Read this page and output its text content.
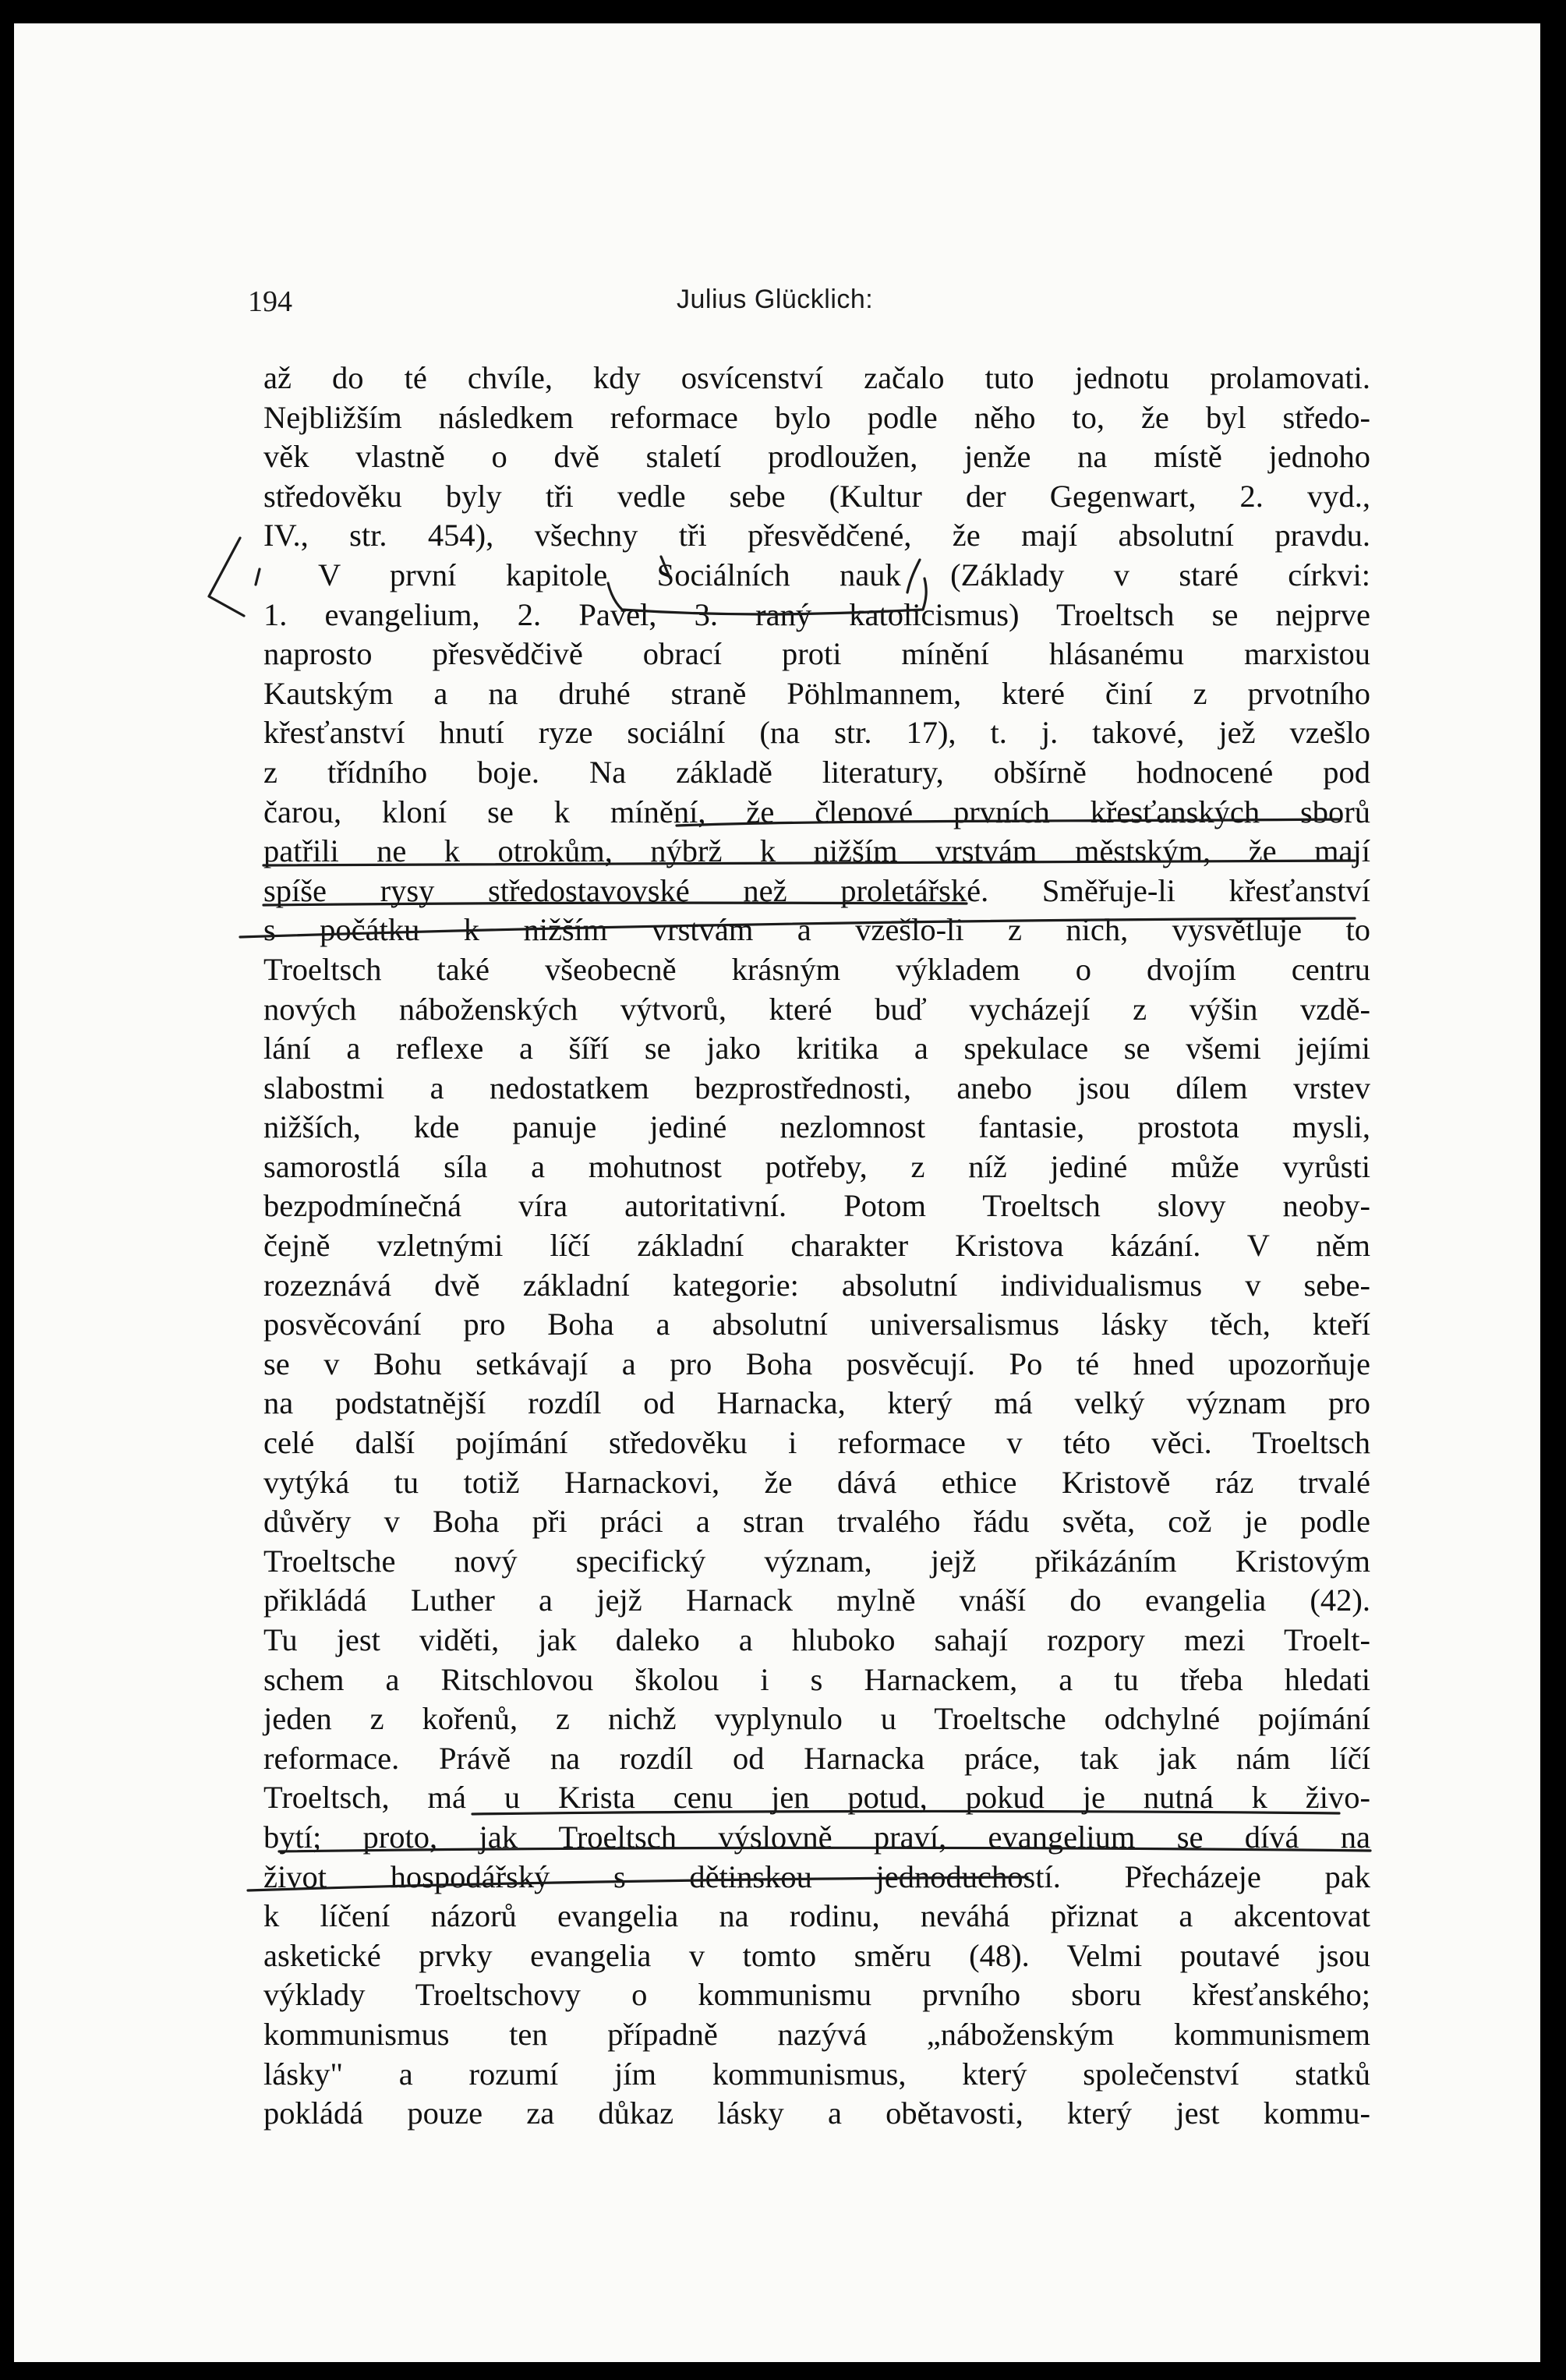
194	Julius Glücklich:
až do té chvíle, kdy osvícenství začalo tuto jednotu prolamovati.
Nejbližším následkem reformace bylo podle něho to, že byl středo-
věk vlastně o dvě staletí prodloužen, jenže na místě jednoho
středověku byly tři vedle sebe (Kultur der Gegenwart, 2. vyd.,
IV., str. 454), všechny tři přesvědčené, že mají absolutní pravdu.
V první kapitole Sociálních nauk (Základy v staré církvi:
1. evangelium, 2. Pavel, 3. raný katolicismus) Troeltsch se nejprve
naprosto přesvědčivě obrací proti mínění hlásanému marxistou
Kautským a na druhé straně Pöhlmannem, které činí z prvotního
křesťanství hnutí ryze sociální (na str. 17), t. j. takové, jež vzešlo
z třídního boje. Na základě literatury, obšírně hodnocené pod
čarou, kloní se k mínění, že členové prvních křesťanských sborů
patřili ne k otrokům, nýbrž k nižším vrstvám městským, že mají
spíše rysy středostavovské než proletářské. Směřuje-li křesťanství
s počátku k nižším vrstvám a vzešlo-li z nich, vysvětluje to
Troeltsch také všeobecně krásným výkladem o dvojím centru
nových náboženských výtvorů, které buď vycházejí z výšin vzdě-
lání a reflexe a šíří se jako kritika a spekulace se všemi jejími
slabostmi a nedostatkem bezprostřednosti, anebo jsou dílem vrstev
nižších, kde panuje jediné nezlomnost fantasie, prostota mysli,
samorostlá síla a mohutnost potřeby, z níž jediné může vyrůsti
bezpodmínečná víra autoritativní. Potom Troeltsch slovy neoby-
čejně vzletnými líčí základní charakter Kristova kázání. V něm
rozeznává dvě základní kategorie: absolutní individualismus v sebe-
posvěcování pro Boha a absolutní universalismus lásky těch, kteří
se v Bohu setkávají a pro Boha posvěcují. Po té hned upozorňuje
na podstatnější rozdíl od Harnacka, který má velký význam pro
celé další pojímání středověku i reformace v této věci. Troeltsch
vytýká tu totiž Harnackovi, že dává ethice Kristově ráz trvalé
důvěry v Boha při práci a stran trvalého řádu světa, což je podle
Troeltsche nový specifický význam, jejž přikázáním Kristovým
přikládá Luther a jejž Harnack mylně vnáší do evangelia (42).
Tu jest viděti, jak daleko a hluboko sahají rozpory mezi Troelt-
schem a Ritschlovou školou i s Harnackem, a tu třeba hledati
jeden z kořenů, z nichž vyplynulo u Troeltsche odchylné pojímání
reformace. Právě na rozdíl od Harnacka práce, tak jak nám líčí
Troeltsch, má u Krista cenu jen potud, pokud je nutná k živo-
bytí; proto, jak Troeltsch výslovně praví, evangelium se dívá na
život hospodářský s dětinskou jednoduchostí. Přecházeje pak
k líčení názorů evangelia na rodinu, neváhá přiznat a akcentovat
asketické prvky evangelia v tomto směru (48). Velmi poutavé jsou
výklady Troeltschovy o kommunismu prvního sboru křesťanského;
kommunismus ten případně nazývá „náboženským kommunismem
lásky" a rozumí jím kommunismus, který společenství statků
pokládá pouze za důkaz lásky a obětavosti, který jest kommu-
